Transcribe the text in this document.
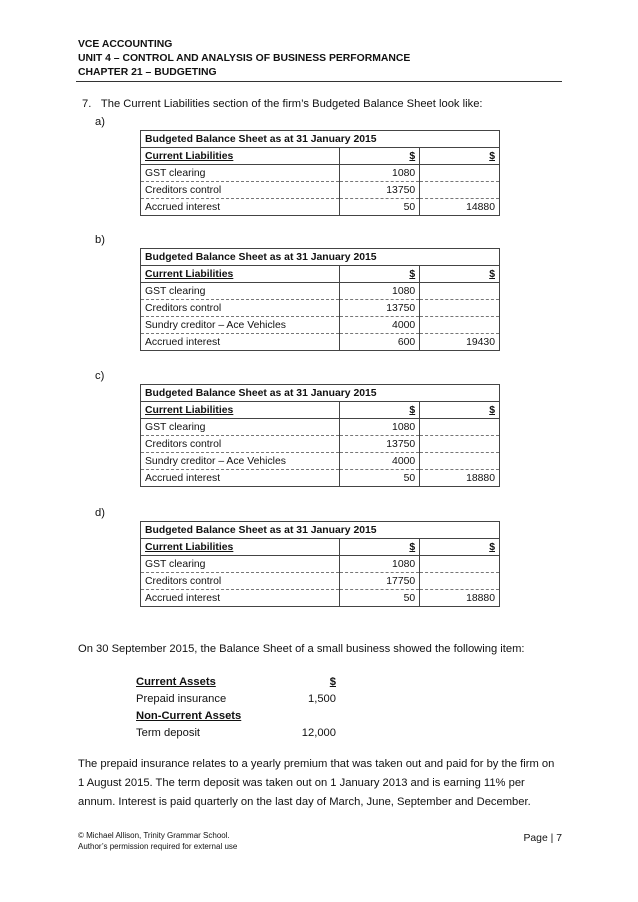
VCE ACCOUNTING
UNIT 4 – CONTROL AND ANALYSIS OF BUSINESS PERFORMANCE
CHAPTER 21 – BUDGETING
7. The Current Liabilities section of the firm’s Budgeted Balance Sheet look like:
a)
Budgeted Balance Sheet as at 31 January 2015		
Current Liabilities	$	$
GST clearing	1080	
Creditors control	13750	
Accrued interest	50	14880
b)
Budgeted Balance Sheet as at 31 January 2015		
Current Liabilities	$	$
GST clearing	1080	
Creditors control	13750	
Sundry creditor – Ace Vehicles	4000	
Accrued interest	600	19430
c)
Budgeted Balance Sheet as at 31 January 2015		
Current Liabilities	$	$
GST clearing	1080	
Creditors control	13750	
Sundry creditor – Ace Vehicles	4000	
Accrued interest	50	18880
d)
Budgeted Balance Sheet as at 31 January 2015		
Current Liabilities	$	$
GST clearing	1080	
Creditors control	17750	
Accrued interest	50	18880
On 30 September 2015, the Balance Sheet of a small business showed the following item:
Current Assets	$
Prepaid insurance	1,500
Non-Current Assets
Term deposit	12,000
The prepaid insurance relates to a yearly premium that was taken out and paid for by the firm on 1 August 2015. The term deposit was taken out on 1 January 2013 and is earning 11% per annum. Interest is paid quarterly on the last day of March, June, September and December.
© Michael Allison, Trinity Grammar School.
Author’s permission required for external use
Page | 7
